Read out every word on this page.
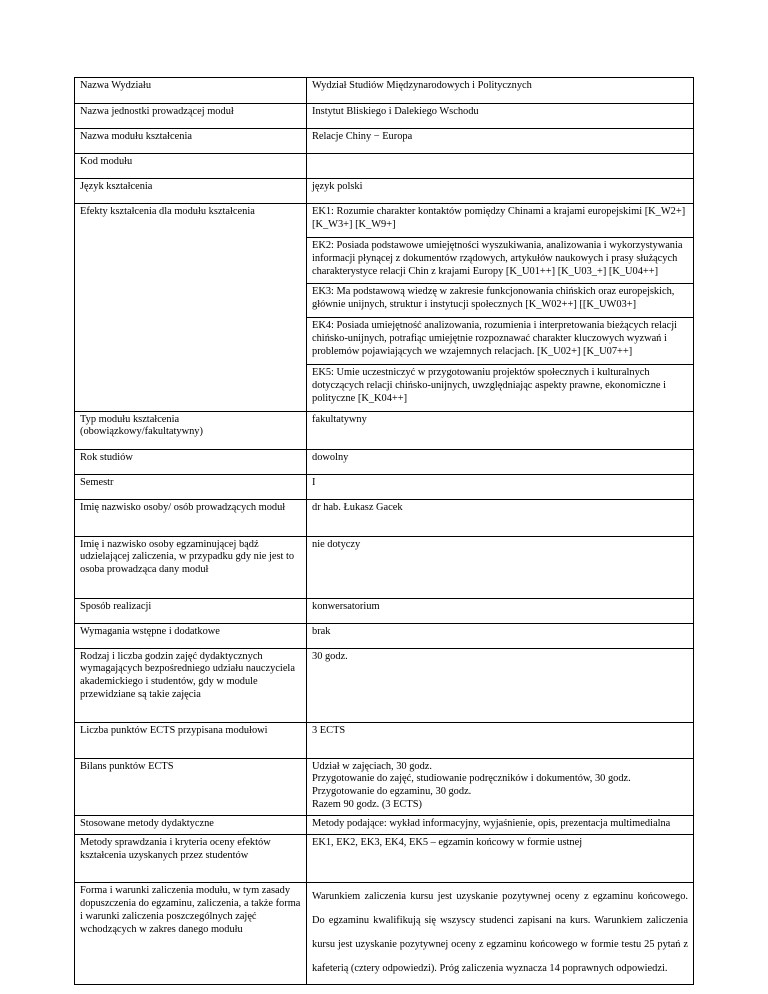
Nazwa Wydziału	Wydział Studiów Międzynarodowych i Politycznych
Nazwa jednostki prowadzącej moduł	Instytut Bliskiego i Dalekiego Wschodu
Nazwa modułu kształcenia	Relacje Chiny − Europa
Kod modułu	
Język kształcenia	język polski
Efekty kształcenia dla modułu kształcenia	EK1: Rozumie charakter kontaktów pomiędzy Chinami a krajami europejskimi [K_W2+] [K_W3+] [K_W9+]
	EK2: Posiada podstawowe umiejętności wyszukiwania, analizowania i wykorzystywania informacji płynącej z dokumentów rządowych, artykułów naukowych i prasy służących charakterystyce relacji Chin z krajami Europy [K_U01++] [K_U03_+] [K_U04++]
	EK3: Ma podstawową wiedzę w zakresie funkcjonowania chińskich oraz europejskich, głównie unijnych, struktur i instytucji społecznych [K_W02++] [[K_UW03+]
	EK4: Posiada umiejętność analizowania, rozumienia i interpretowania bieżących relacji chińsko-unijnych, potrafiąc umiejętnie rozpoznawać charakter kluczowych wyzwań i problemów pojawiających we wzajemnych relacjach. [K_U02+] [K_U07++]
	EK5: Umie uczestniczyć w przygotowaniu projektów społecznych i kulturalnych dotyczących relacji chińsko-unijnych, uwzględniając aspekty prawne, ekonomiczne i polityczne [K_K04++]
Typ modułu kształcenia (obowiązkowy/fakultatywny)	fakultatywny
Rok studiów	dowolny
Semestr	I
Imię nazwisko osoby/ osób prowadzących moduł	dr hab. Łukasz Gacek
Imię i nazwisko osoby egzaminującej bądź udzielającej zaliczenia, w przypadku gdy nie jest to osoba prowadząca dany moduł	nie dotyczy
Sposób realizacji	konwersatorium
Wymagania wstępne i dodatkowe	brak
Rodzaj i liczba godzin zajęć dydaktycznych wymagających bezpośredniego udziału nauczyciela akademickiego i studentów, gdy w module przewidziane są takie zajęcia	30 godz.
Liczba punktów ECTS przypisana modułowi	3 ECTS
Bilans punktów ECTS	Udział w zajęciach, 30 godz.
Przygotowanie do zajęć, studiowanie podręczników i dokumentów, 30 godz.
Przygotowanie do egzaminu, 30 godz.
Razem 90 godz. (3 ECTS)
Stosowane metody dydaktyczne	Metody podające: wykład informacyjny, wyjaśnienie, opis, prezentacja multimedialna
Metody sprawdzania i kryteria oceny efektów kształcenia uzyskanych przez studentów	EK1, EK2, EK3, EK4, EK5 – egzamin końcowy w formie ustnej
Forma i warunki zaliczenia modułu, w tym zasady dopuszczenia do egzaminu, zaliczenia, a także forma i warunki zaliczenia poszczególnych zajęć wchodzących w zakres danego modułu	Warunkiem zaliczenia kursu jest uzyskanie pozytywnej oceny z egzaminu końcowego. Do egzaminu kwalifikują się wszyscy studenci zapisani na kurs. Warunkiem zaliczenia kursu jest uzyskanie pozytywnej oceny z egzaminu końcowego w formie testu 25 pytań z kafeterią (cztery odpowiedzi). Próg zaliczenia wyznacza 14 poprawnych odpowiedzi.
